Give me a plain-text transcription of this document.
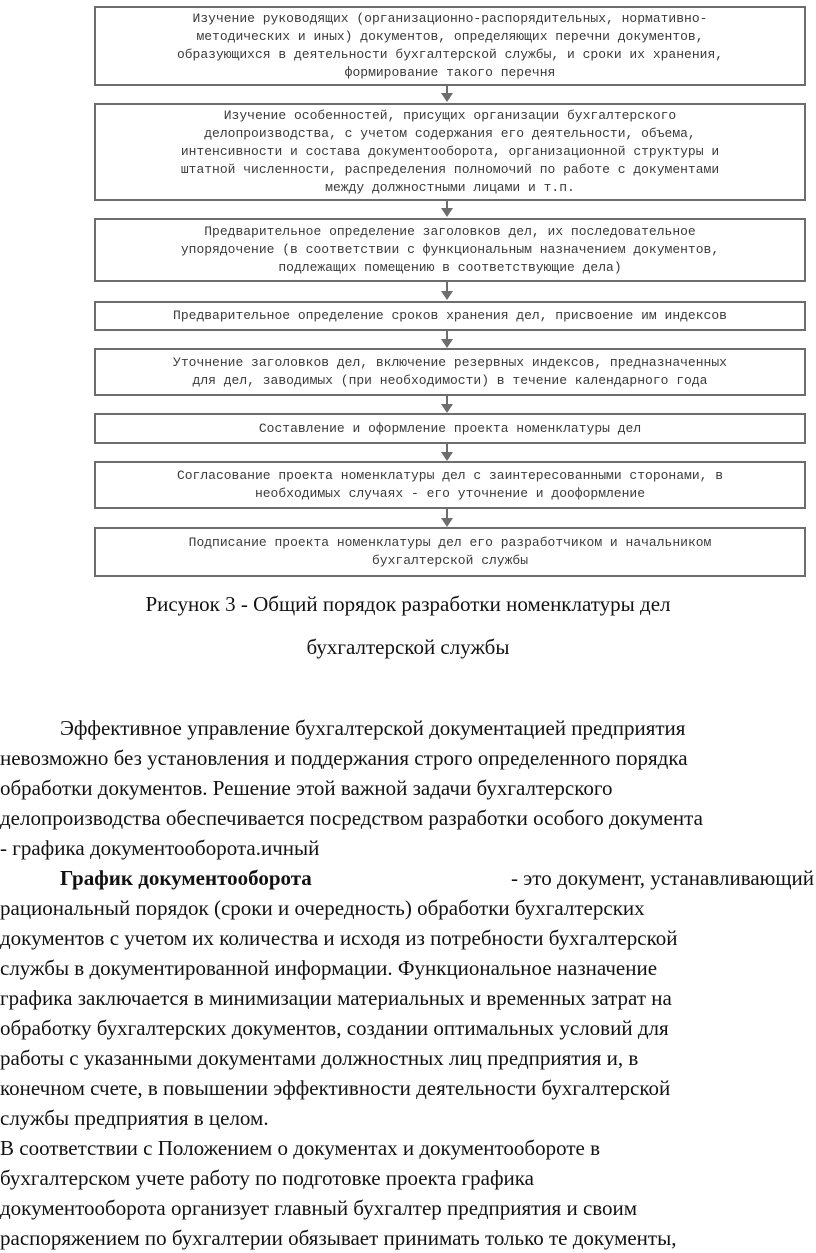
Изучение руководящих (организационно-распорядительных, нормативно-
методических и иных) документов, определяющих перечни документов,
образующихся в деятельности бухгалтерской службы, и сроки их хранения,
формирование такого перечня
Изучение особенностей, присущих организации бухгалтерского
делопроизводства, с учетом содержания его деятельности, объема,
интенсивности и состава документооборота, организационной структуры и
штатной численности, распределения полномочий по работе с документами
между должностными лицами и т.п.
Предварительное определение заголовков дел, их последовательное
упорядочение (в соответствии с функциональным назначением документов,
подлежащих помещению в соответствующие дела)
Предварительное определение сроков хранения дел, присвоение им индексов
Уточнение заголовков дел, включение резервных индексов, предназначенных
для дел, заводимых (при необходимости) в течение календарного года
Составление и оформление проекта номенклатуры дел
Согласование проекта номенклатуры дел с заинтересованными сторонами, в
необходимых случаях - его уточнение и дооформление
Подписание проекта номенклатуры дел его разработчиком и начальником
бухгалтерской службы
Рисунок 3 - Общий порядок разработки номенклатуры дел
бухгалтерской службы
Эффективное управление бухгалтерской документацией предприятия
невозможно без установления и поддержания строго определенного порядка
обработки документов. Решение этой важной задачи бухгалтерского
делопроизводства обеспечивается посредством разработки особого документа
- графика документооборота.ичный
График документооборота	- это документ, устанавливающий
рациональный порядок (сроки и очередность) обработки бухгалтерских
документов с учетом их количества и исходя из потребности бухгалтерской
службы в документированной информации. Функциональное назначение
графика заключается в минимизации материальных и временных затрат на
обработку бухгалтерских документов, создании оптимальных условий для
работы с указанными документами должностных лиц предприятия и, в
конечном счете, в повышении эффективности деятельности бухгалтерской
службы предприятия в целом.
В соответствии с Положением о документах и документообороте в
бухгалтерском учете работу по подготовке проекта графика
документооборота организует главный бухгалтер предприятия и своим
распоряжением по бухгалтерии обязывает принимать только те документы,
